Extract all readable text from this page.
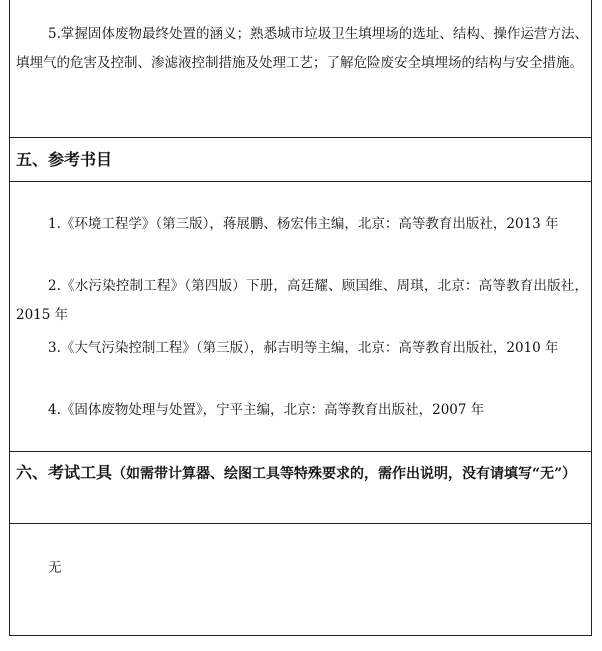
5.掌握固体废物最终处置的涵义；熟悉城市垃圾卫生填埋场的选址、结构、操作运营方法、填埋气的危害及控制、渗滤液控制措施及处理工艺；了解危险废安全填埋场的结构与安全措施。

五、参考书目

1.《环境工程学》（第三版），蒋展鹏、杨宏伟主编，北京：高等教育出版社，2013 年

2.《水污染控制工程》（第四版）下册，高廷耀、顾国维、周琪，北京：高等教育出版社，2015 年

3.《大气污染控制工程》（第三版），郝吉明等主编，北京：高等教育出版社，2010 年

4.《固体废物处理与处置》，宁平主编，北京：高等教育出版社，2007 年

六、考试工具（如需带计算器、绘图工具等特殊要求的，需作出说明，没有请填写“无”）

无
